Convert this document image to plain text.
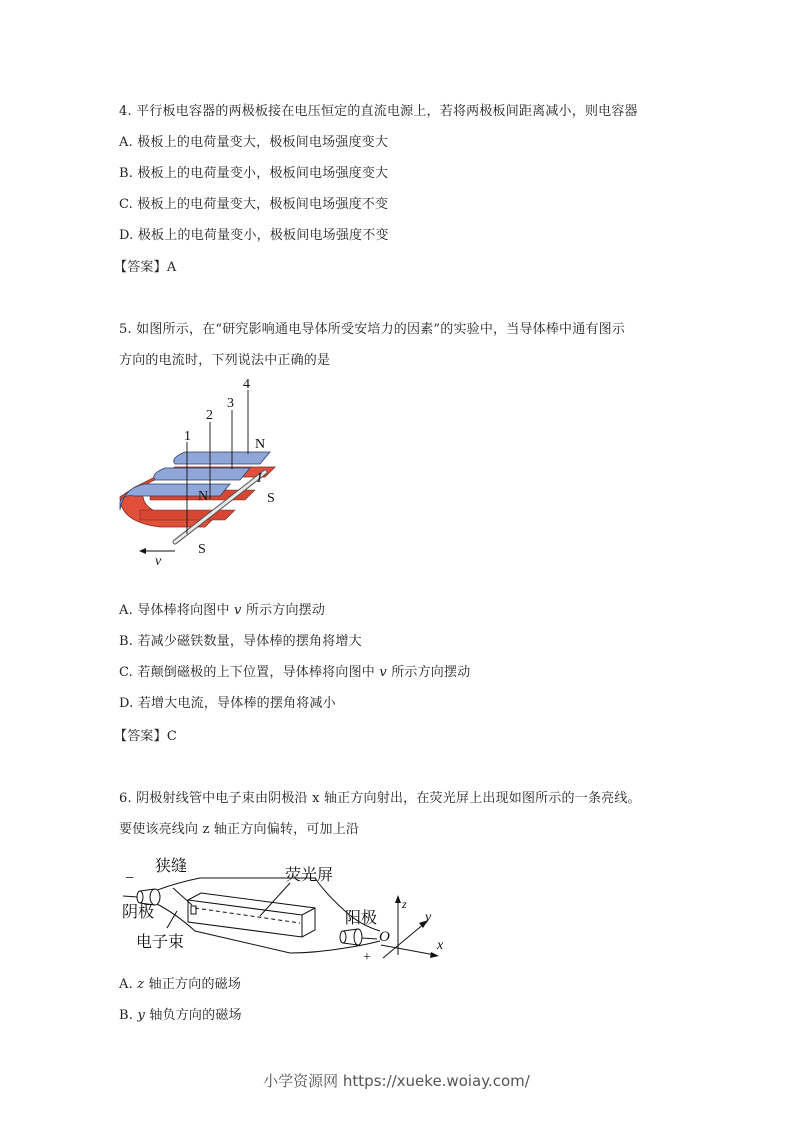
4. 平行板电容器的两极板接在电压恒定的直流电源上，若将两极板间距离减小，则电容器
A. 极板上的电荷量变大，极板间电场强度变大
B. 极板上的电荷量变小，极板间电场强度变大
C. 极板上的电荷量变大，极板间电场强度不变
D. 极板上的电荷量变小，极板间电场强度不变
【答案】A
5. 如图所示，在“研究影响通电导体所受安培力的因素”的实验中，当导体棒中通有图示
方向的电流时，下列说法中正确的是
1
2
3
4
N
N	S
S
I
v
A. 导体棒将向图中 v 所示方向摆动
B. 若减少磁铁数量，导体棒的摆角将增大
C. 若颠倒磁极的上下位置，导体棒将向图中 v 所示方向摆动
D. 若增大电流，导体棒的摆角将减小
【答案】C
6. 阴极射线管中电子束由阴极沿 x 轴正方向射出，在荧光屏上出现如图所示的一条亮线。
要使该亮线向 z 轴正方向偏转，可加上沿
狭缝
荧光屏
阴极	阳极
电子束
−
+
O
x
y
z
A. z 轴正方向的磁场
B. y 轴负方向的磁场
小学资源网 https://xueke.woiay.com/
